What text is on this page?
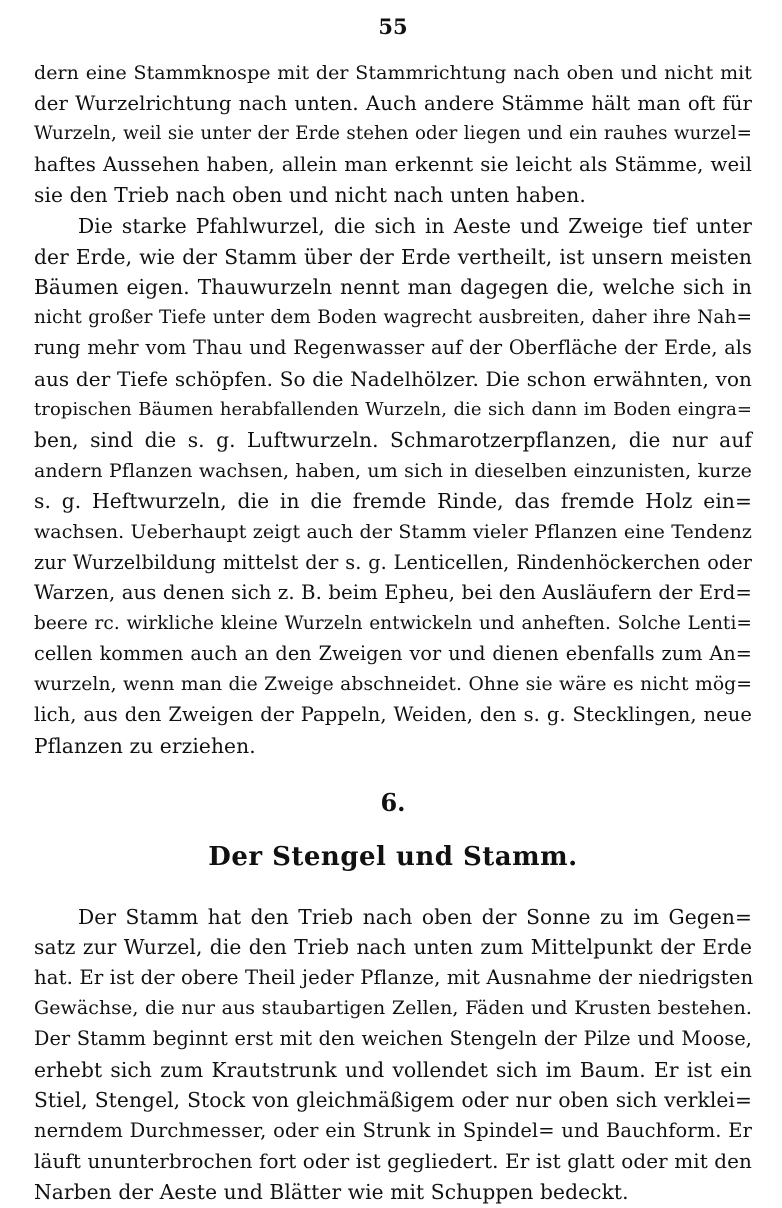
55
dern eine Stammknospe mit der Stammrichtung nach oben und nicht mit
der Wurzelrichtung nach unten. Auch andere Stämme hält man oft für
Wurzeln, weil sie unter der Erde stehen oder liegen und ein rauhes wurzel=
haftes Aussehen haben, allein man erkennt sie leicht als Stämme, weil
sie den Trieb nach oben und nicht nach unten haben.
Die starke Pfahlwurzel, die sich in Aeste und Zweige tief unter
der Erde, wie der Stamm über der Erde vertheilt, ist unsern meisten
Bäumen eigen. Thauwurzeln nennt man dagegen die, welche sich in
nicht großer Tiefe unter dem Boden wagrecht ausbreiten, daher ihre Nah=
rung mehr vom Thau und Regenwasser auf der Oberfläche der Erde, als
aus der Tiefe schöpfen. So die Nadelhölzer. Die schon erwähnten, von
tropischen Bäumen herabfallenden Wurzeln, die sich dann im Boden eingra=
ben, sind die s. g. Luftwurzeln. Schmarotzerpflanzen, die nur auf
andern Pflanzen wachsen, haben, um sich in dieselben einzunisten, kurze
s. g. Heftwurzeln, die in die fremde Rinde, das fremde Holz ein=
wachsen. Ueberhaupt zeigt auch der Stamm vieler Pflanzen eine Tendenz
zur Wurzelbildung mittelst der s. g. Lenticellen, Rindenhöckerchen oder
Warzen, aus denen sich z. B. beim Epheu, bei den Ausläufern der Erd=
beere rc. wirkliche kleine Wurzeln entwickeln und anheften. Solche Lenti=
cellen kommen auch an den Zweigen vor und dienen ebenfalls zum An=
wurzeln, wenn man die Zweige abschneidet. Ohne sie wäre es nicht mög=
lich, aus den Zweigen der Pappeln, Weiden, den s. g. Stecklingen, neue
Pflanzen zu erziehen.
6.
Der Stengel und Stamm.
Der Stamm hat den Trieb nach oben der Sonne zu im Gegen=
satz zur Wurzel, die den Trieb nach unten zum Mittelpunkt der Erde
hat. Er ist der obere Theil jeder Pflanze, mit Ausnahme der niedrigsten
Gewächse, die nur aus staubartigen Zellen, Fäden und Krusten bestehen.
Der Stamm beginnt erst mit den weichen Stengeln der Pilze und Moose,
erhebt sich zum Krautstrunk und vollendet sich im Baum. Er ist ein
Stiel, Stengel, Stock von gleichmäßigem oder nur oben sich verklei=
nerndem Durchmesser, oder ein Strunk in Spindel= und Bauchform. Er
läuft ununterbrochen fort oder ist gegliedert. Er ist glatt oder mit den
Narben der Aeste und Blätter wie mit Schuppen bedeckt.
